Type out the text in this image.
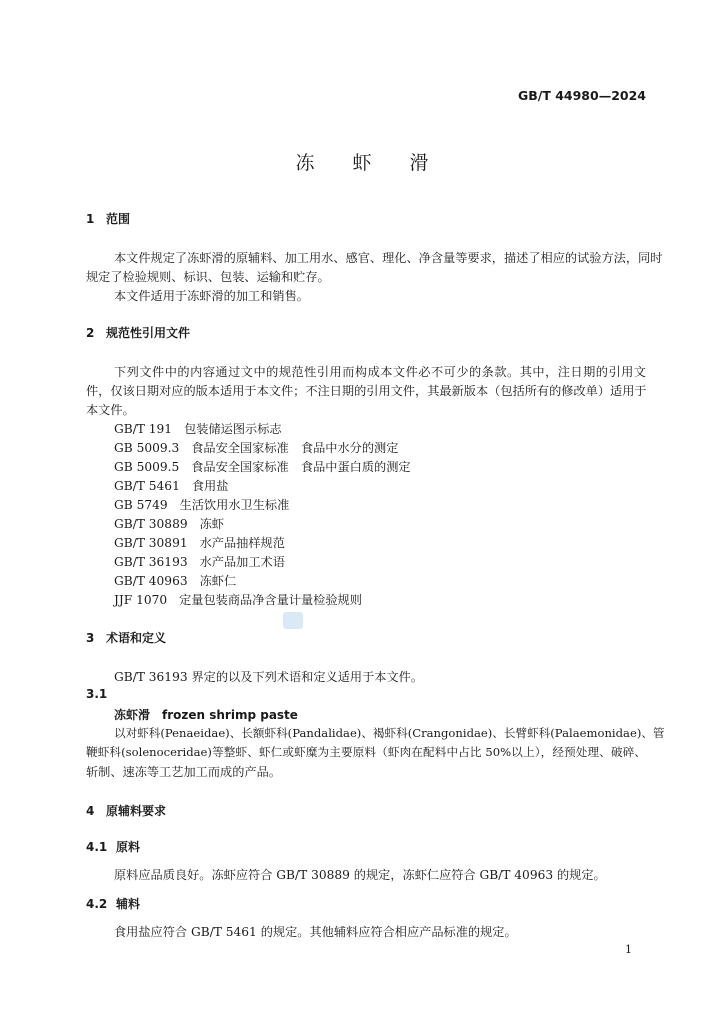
GB/T 44980—2024
冻虾滑
1 范围
本文件规定了冻虾滑的原辅料、加工用水、感官、理化、净含量等要求，描述了相应的试验方法，同时
规定了检验规则、标识、包装、运输和贮存。
本文件适用于冻虾滑的加工和销售。
2 规范性引用文件
下列文件中的内容通过文中的规范性引用而构成本文件必不可少的条款。其中，注日期的引用文
件，仅该日期对应的版本适用于本文件；不注日期的引用文件，其最新版本（包括所有的修改单）适用于
本文件。
GB/T 191 包装储运图示标志
GB 5009.3 食品安全国家标准　食品中水分的测定
GB 5009.5 食品安全国家标准　食品中蛋白质的测定
GB/T 5461 食用盐
GB 5749 生活饮用水卫生标准
GB/T 30889 冻虾
GB/T 30891 水产品抽样规范
GB/T 36193 水产品加工术语
GB/T 40963 冻虾仁
JJF 1070 定量包装商品净含量计量检验规则
3 术语和定义
GB/T 36193 界定的以及下列术语和定义适用于本文件。
3.1
冻虾滑 frozen shrimp paste
以对虾科(Penaeidae)、长额虾科(Pandalidae)、褐虾科(Crangonidae)、长臂虾科(Palaemonidae)、管
鞭虾科(solenoceridae)等整虾、虾仁或虾糜为主要原料（虾肉在配料中占比 50%以上），经预处理、破碎、
斩制、速冻等工艺加工而成的产品。
4 原辅料要求
4.1 原料
原料应品质良好。冻虾应符合 GB/T 30889 的规定，冻虾仁应符合 GB/T 40963 的规定。
4.2 辅料
食用盐应符合 GB/T 5461 的规定。其他辅料应符合相应产品标准的规定。
1
